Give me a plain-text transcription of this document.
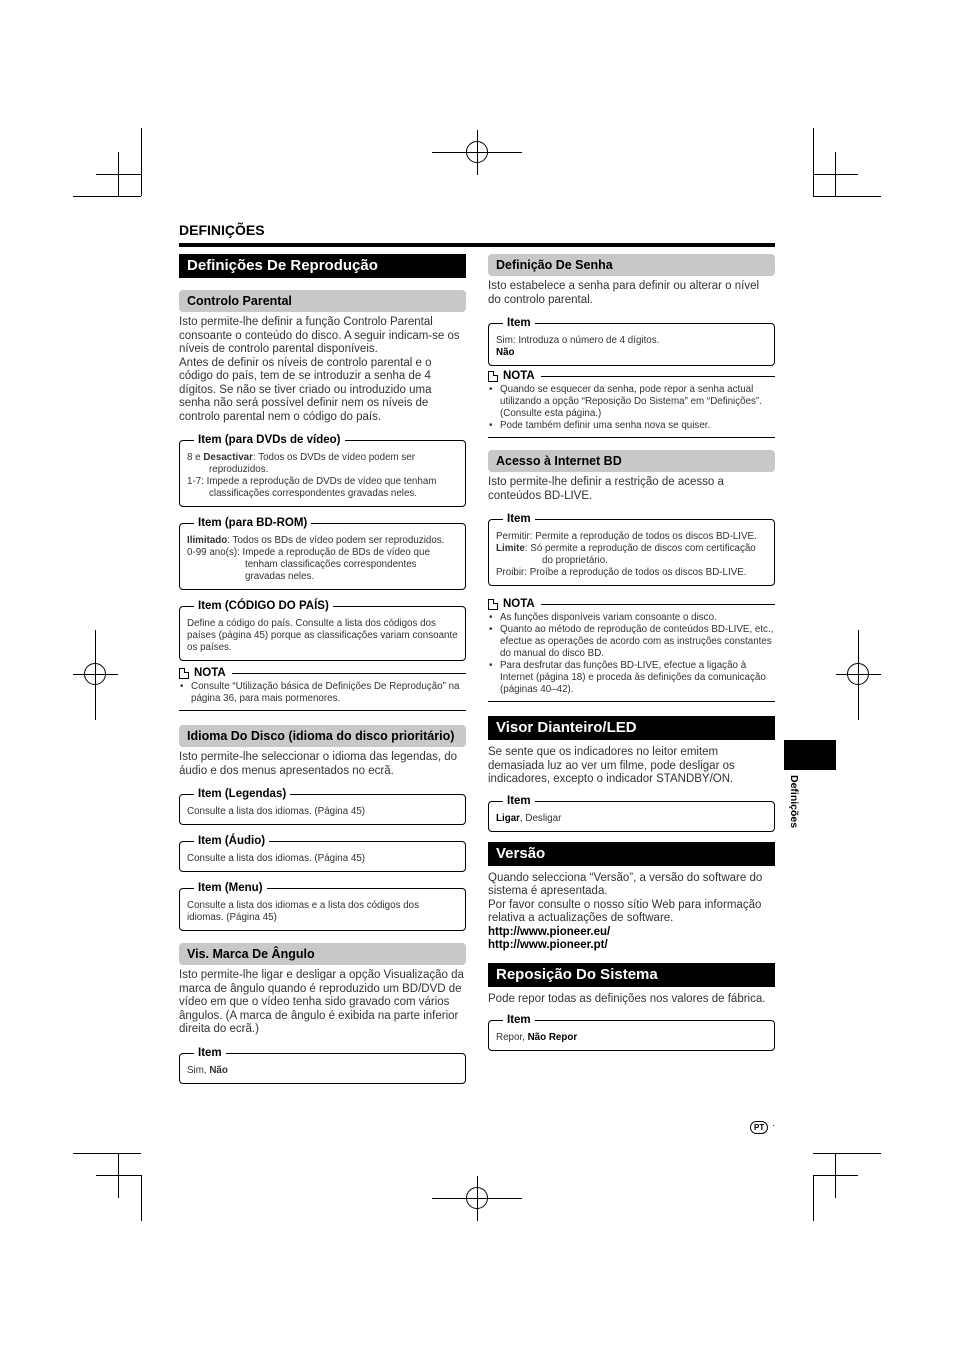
DEFINIÇÕES
Definições De Reprodução
Controlo Parental
Isto permite-lhe definir a função Controlo Parental consoante o conteúdo do disco. A seguir indicam-se os níveis de controlo parental disponíveis.
Antes de definir os níveis de controlo parental e o código do país, tem de se introduzir a senha de 4 dígitos. Se não se tiver criado ou introduzido uma senha não será possível definir nem os níveis de controlo parental nem o código do país.
Item (para DVDs de vídeo)
8 e Desactivar: Todos os DVDs de vídeo podem ser reproduzidos.
1-7: Impede a reprodução de DVDs de vídeo que tenham classificações correspondentes gravadas neles.
Item (para BD-ROM)
Ilimitado: Todos os BDs de vídeo podem ser reproduzidos.
0-99 ano(s): Impede a reprodução de BDs de vídeo que tenham classificações correspondentes gravadas neles.
Item (CÓDIGO DO PAÍS)
Define a código do país. Consulte a lista dos códigos dos países (página 45) porque as classificações variam consoante os países.
NOTA
• Consulte “Utilização básica de Definições De Reprodução” na página 36, para mais pormenores.
Idioma Do Disco (idioma do disco prioritário)
Isto permite-lhe seleccionar o idioma das legendas, do áudio e dos menus apresentados no ecrã.
Item (Legendas)
Consulte a lista dos idiomas. (Página 45)
Item (Áudio)
Consulte a lista dos idiomas. (Página 45)
Item (Menu)
Consulte a lista dos idiomas e a lista dos códigos dos idiomas. (Página 45)
Vis. Marca De Ângulo
Isto permite-lhe ligar e desligar a opção Visualização da marca de ângulo quando é reproduzido um BD/DVD de vídeo em que o vídeo tenha sido gravado com vários ângulos. (A marca de ângulo é exibida na parte inferior direita do ecrã.)
Item
Sim, Não
Definição De Senha
Isto estabelece a senha para definir ou alterar o nível do controlo parental.
Item
Sim: Introduza o número de 4 dígitos.
Não
NOTA
• Quando se esquecer da senha, pode repor a senha actual utilizando a opção “Reposição Do Sistema” em “Definições”. (Consulte esta página.)
• Pode também definir uma senha nova se quiser.
Acesso à Internet BD
Isto permite-lhe definir a restrição de acesso a conteúdos BD-LIVE.
Item
Permitir: Permite a reprodução de todos os discos BD-LIVE.
Limite: Só permite a reprodução de discos com certificação do proprietário.
Proibir: Proíbe a reprodução de todos os discos BD-LIVE.
NOTA
• As funções disponíveis variam consoante o disco.
• Quanto ao método de reprodução de conteúdos BD-LIVE, etc., efectue as operações de acordo com as instruções constantes do manual do disco BD.
• Para desfrutar das funções BD-LIVE, efectue a ligação à Internet (página 18) e proceda às definições da comunicação (páginas 40–42).
Visor Dianteiro/LED
Se sente que os indicadores no leitor emitem demasiada luz ao ver um filme, pode desligar os indicadores, excepto o indicador STANDBY/ON.
Item
Ligar, Desligar
Versão
Quando selecciona “Versão”, a versão do software do sistema é apresentada.
Por favor consulte o nosso sítio Web para informação relativa a actualizações de software.
http://www.pioneer.eu/
http://www.pioneer.pt/
Reposição Do Sistema
Pode repor todas as definições nos valores de fábrica.
Item
Repor, Não Repor
Definições
PT ·
